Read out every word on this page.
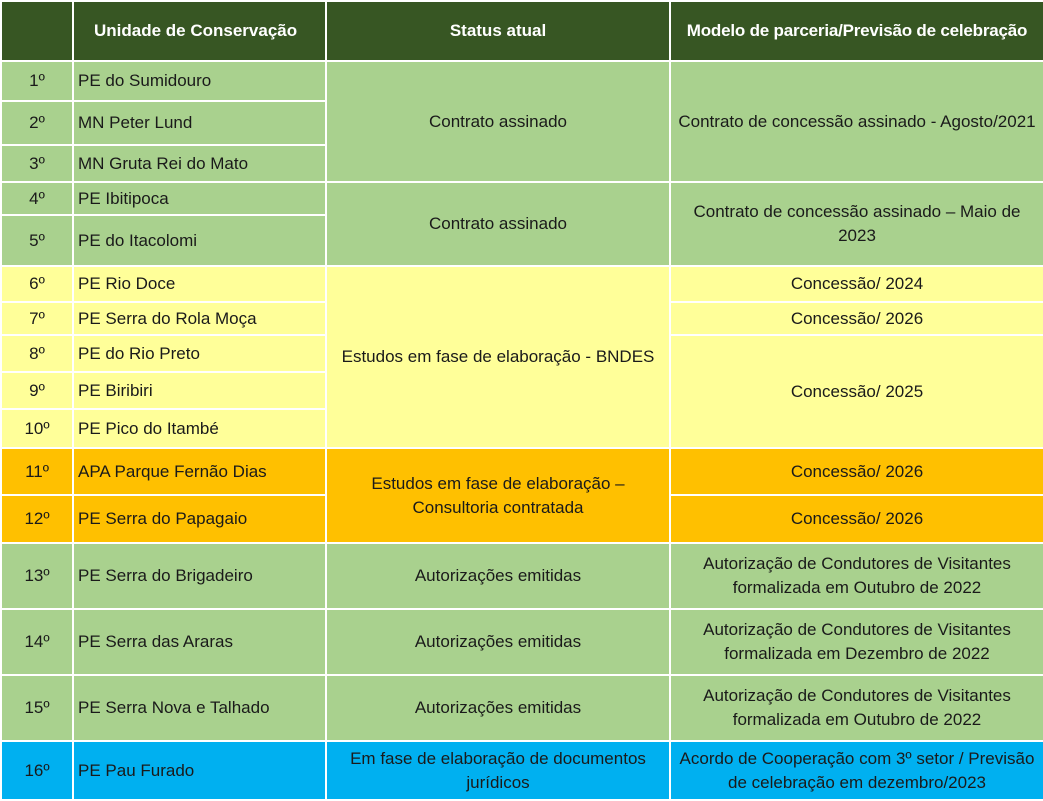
	Unidade de Conservação	Status atual	Modelo de parceria/Previsão de celebração
1º	PE do Sumidouro	Contrato assinado	Contrato de concessão assinado - Agosto/2021
2º	MN Peter Lund		
3º	MN Gruta Rei do Mato		
4º	PE Ibitipoca	Contrato assinado	Contrato de concessão assinado – Maio de 2023
5º	PE do Itacolomi		
6º	PE Rio Doce	Estudos em fase de elaboração - BNDES	Concessão/ 2024
7º	PE Serra do Rola Moça		Concessão/ 2026
8º	PE do Rio Preto		Concessão/ 2025
9º	PE Biribiri		
10º	PE Pico do Itambé		
11º	APA Parque Fernão Dias	Estudos em fase de elaboração – Consultoria contratada	Concessão/ 2026
12º	PE Serra do Papagaio		Concessão/ 2026
13º	PE Serra do Brigadeiro	Autorizações emitidas	Autorização de Condutores de Visitantes formalizada em Outubro de 2022
14º	PE Serra das Araras	Autorizações emitidas	Autorização de Condutores de Visitantes formalizada em Dezembro de 2022
15º	PE Serra Nova e Talhado	Autorizações emitidas	Autorização de Condutores de Visitantes formalizada em Outubro de 2022
16º	PE Pau Furado	Em fase de elaboração de documentos jurídicos	Acordo de Cooperação com 3º setor / Previsão de celebração em dezembro/2023
